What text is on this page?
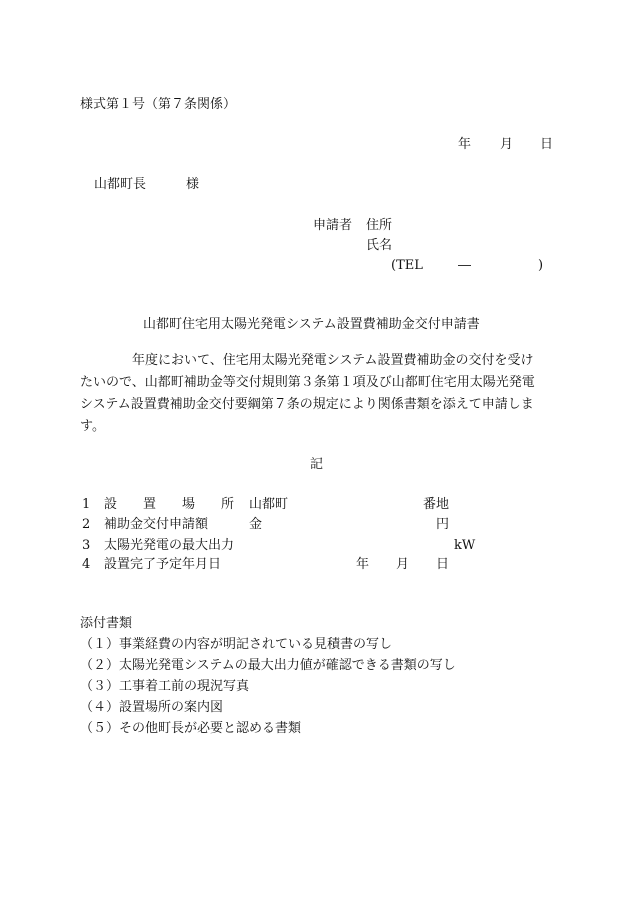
様式第１号（第７条関係）
年 月 日
山都町長	様
申請者 住所
氏名
(TEL	―	)
山都町住宅用太陽光発電システム設置費補助金交付申請書
　　　　年度において、住宅用太陽光発電システム設置費補助金の交付を受け
たいので、山都町補助金等交付規則第３条第１項及び山都町住宅用太陽光発電
システム設置費補助金交付要綱第７条の規定により関係書類を添えて申請しま
す。
記
1 設　　置　　場　　所 山都町	番地
2 補助金交付申請額	金	円
3 太陽光発電の最大出力	kW
4 設置完了予定年月日	年 月 日
添付書類
（１）事業経費の内容が明記されている見積書の写し
（２）太陽光発電システムの最大出力値が確認できる書類の写し
（３）工事着工前の現況写真
（４）設置場所の案内図
（５）その他町長が必要と認める書類
